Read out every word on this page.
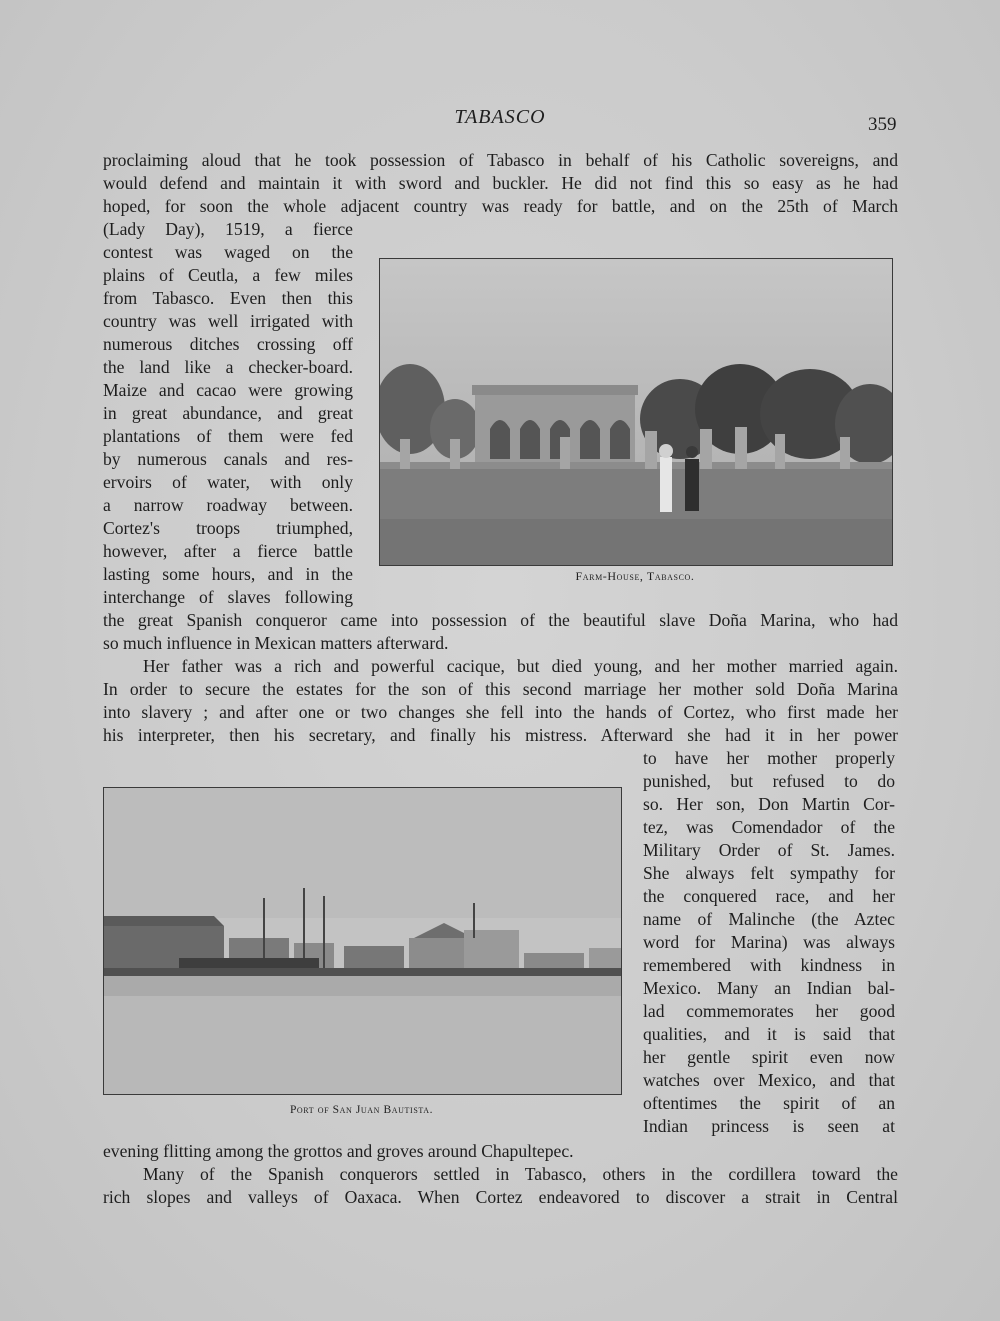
TABASCO	359
proclaiming aloud that he took possession of Tabasco in behalf of his Catholic sovereigns, and
would defend and maintain it with sword and buckler. He did not find this so easy as he had
hoped, for soon the whole adjacent country was ready for battle, and on the 25th of March
(Lady Day), 1519, a fierce
contest was waged on the
plains of Ceutla, a few miles
from Tabasco. Even then this
country was well irrigated with
numerous ditches crossing off
the land like a checker-board.
Maize and cacao were growing
in great abundance, and great
plantations of them were fed
by numerous canals and res-
ervoirs of water, with only
a narrow roadway between.
Cortez's troops triumphed,
however, after a fierce battle
lasting some hours, and in the
interchange of slaves following
the great Spanish conqueror came into possession of the beautiful slave Doña Marina, who had
so much influence in Mexican matters afterward.
Farm-House, Tabasco.
Her father was a rich and powerful cacique, but died young, and her mother married again.
In order to secure the estates for the son of this second marriage her mother sold Doña Marina
into slavery ; and after one or two changes she fell into the hands of Cortez, who first made her
his interpreter, then his secretary, and finally his mistress. Afterward she had it in her power
to have her mother properly
punished, but refused to do
so. Her son, Don Martin Cor-
tez, was Comendador of the
Military Order of St. James.
She always felt sympathy for
the conquered race, and her
name of Malinche (the Aztec
word for Marina) was always
remembered with kindness in
Mexico. Many an Indian bal-
lad commemorates her good
qualities, and it is said that
her gentle spirit even now
watches over Mexico, and that
oftentimes the spirit of an
Indian princess is seen at
evening flitting among the grottos and groves around Chapultepec.
Port of San Juan Bautista.
Many of the Spanish conquerors settled in Tabasco, others in the cordillera toward the
rich slopes and valleys of Oaxaca. When Cortez endeavored to discover a strait in Central
